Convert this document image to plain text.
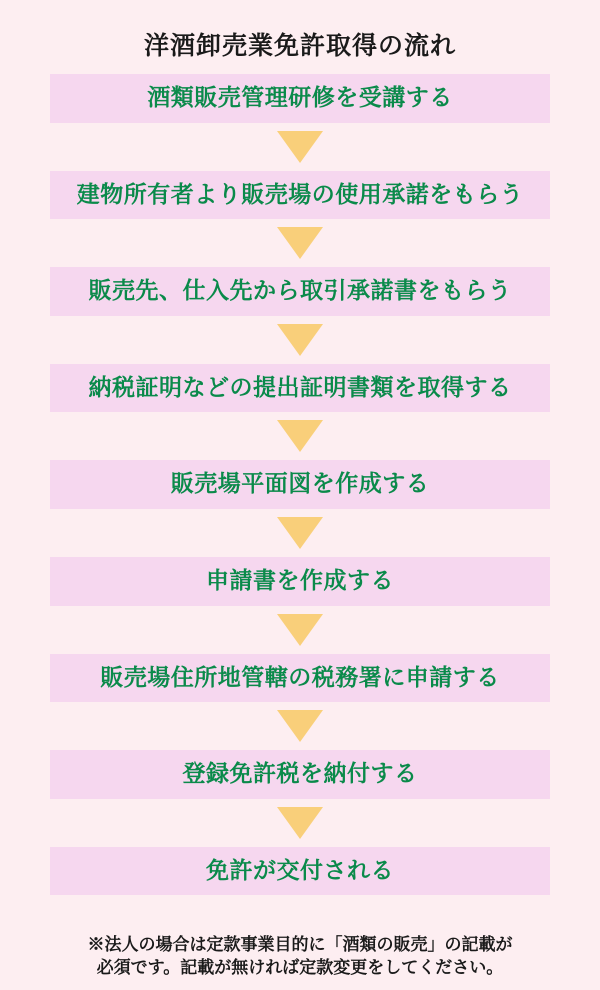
洋酒卸売業免許取得の流れ
酒類販売管理研修を受講する
建物所有者より販売場の使用承諾をもらう
販売先、仕入先から取引承諾書をもらう
納税証明などの提出証明書類を取得する
販売場平面図を作成する
申請書を作成する
販売場住所地管轄の税務署に申請する
登録免許税を納付する
免許が交付される
※法人の場合は定款事業目的に「酒類の販売」の記載が
必須です。記載が無ければ定款変更をしてください。
